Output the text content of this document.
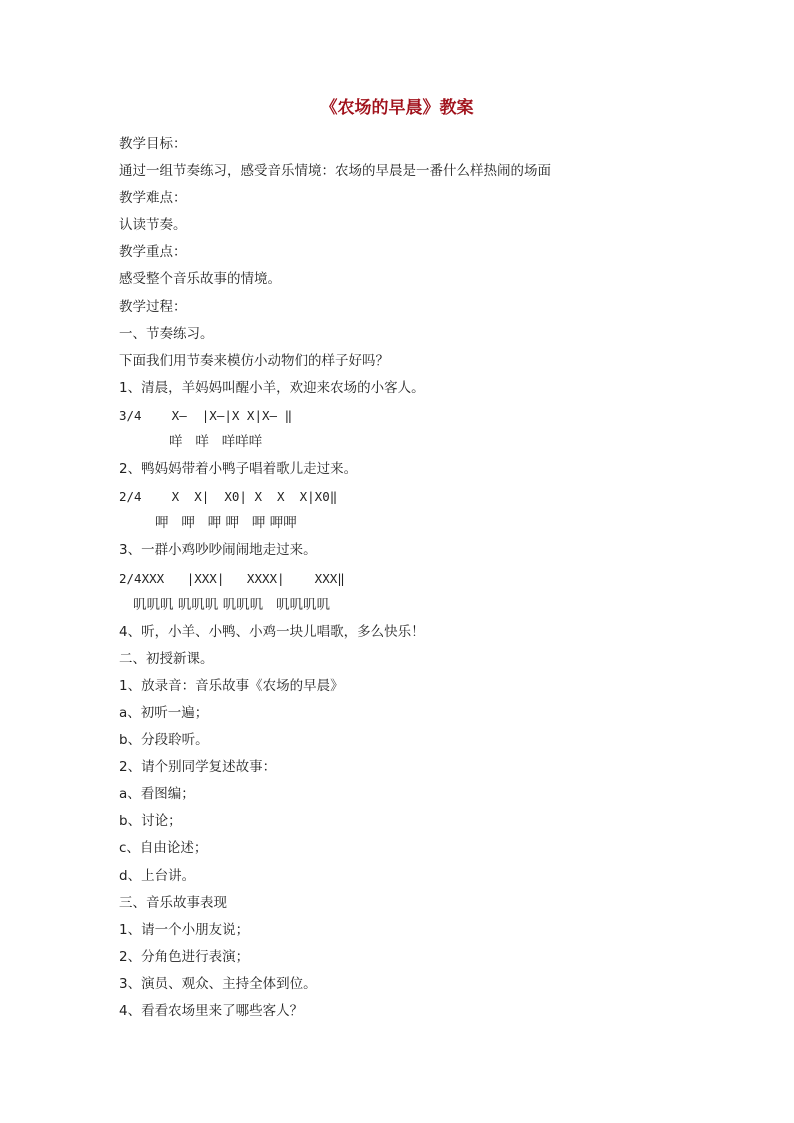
《农场的早晨》教案
教学目标：
通过一组节奏练习，感受音乐情境：农场的早晨是一番什么样热闹的场面
教学难点：
认读节奏。
教学重点：
感受整个音乐故事的情境。
教学过程：
一、节奏练习。
下面我们用节奏来模仿小动物们的样子好吗？
1、清晨，羊妈妈叫醒小羊，欢迎来农场的小客人。
3/4    X—  |X—|X X|X— ‖
咩   咩   咩咩咩
2、鸭妈妈带着小鸭子唱着歌儿走过来。
2/4    X  X|  X0| X  X  X|X0‖
呷   呷   呷 呷   呷 呷呷
3、一群小鸡吵吵闹闹地走过来。
2/4XXX   |XXX|   XXXX|    XXX‖
叽叽叽 叽叽叽 叽叽叽   叽叽叽叽
4、听，小羊、小鸭、小鸡一块儿唱歌，多么快乐！
二、初授新课。
1、放录音：音乐故事《农场的早晨》
a、初听一遍；
b、分段聆听。
2、请个别同学复述故事：
a、看图编；
b、讨论；
c、自由论述；
d、上台讲。
三、音乐故事表现
1、请一个小朋友说；
2、分角色进行表演；
3、演员、观众、主持全体到位。
4、看看农场里来了哪些客人？
